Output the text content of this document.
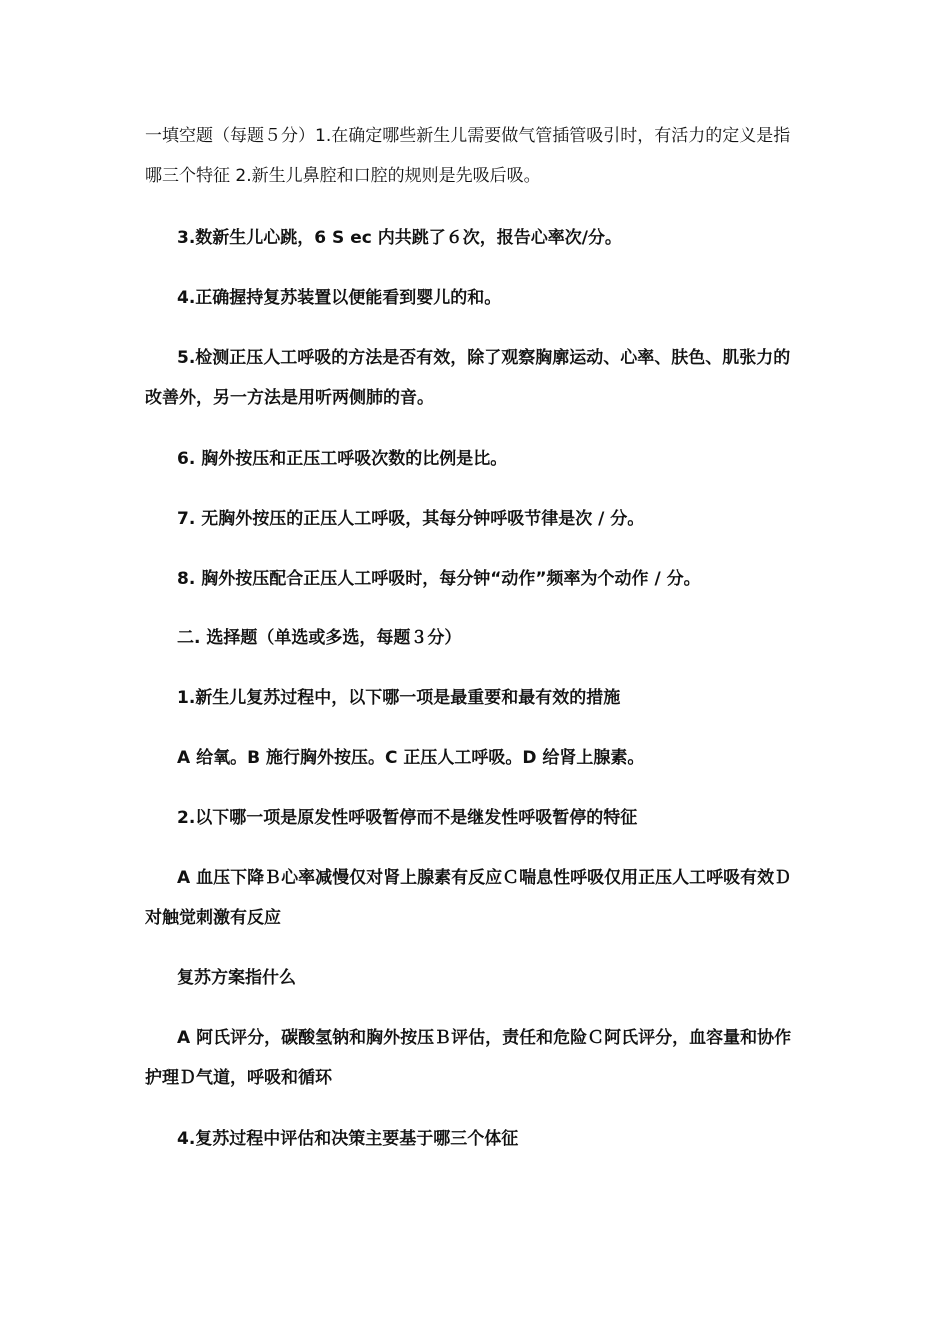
一填空题（每题５分）1.在确定哪些新生儿需要做气管插管吸引时，有活力的定义是指哪三个特征 2.新生儿鼻腔和口腔的规则是先吸后吸。

3.数新生儿心跳，6 S ec 内共跳了６次，报告心率次/分。

4.正确握持复苏装置以便能看到婴儿的和。

5.检测正压人工呼吸的方法是否有效，除了观察胸廓运动、心率、肤色、肌张力的改善外，另一方法是用听两侧肺的音。

6. 胸外按压和正压工呼吸次数的比例是比。

7. 无胸外按压的正压人工呼吸，其每分钟呼吸节律是次 / 分。

8. 胸外按压配合正压人工呼吸时，每分钟“动作”频率为个动作 / 分。

二. 选择题（单选或多选，每题３分）

1.新生儿复苏过程中，以下哪一项是最重要和最有效的措施

A 给氧。B 施行胸外按压。C 正压人工呼吸。D 给肾上腺素。

2.以下哪一项是原发性呼吸暂停而不是继发性呼吸暂停的特征

A 血压下降Ｂ心率减慢仅对肾上腺素有反应Ｃ喘息性呼吸仅用正压人工呼吸有效Ｄ对触觉刺激有反应

复苏方案指什么

A 阿氏评分，碳酸氢钠和胸外按压Ｂ评估，责任和危险Ｃ阿氏评分，血容量和协作护理Ｄ气道，呼吸和循环

4.复苏过程中评估和决策主要基于哪三个体征
